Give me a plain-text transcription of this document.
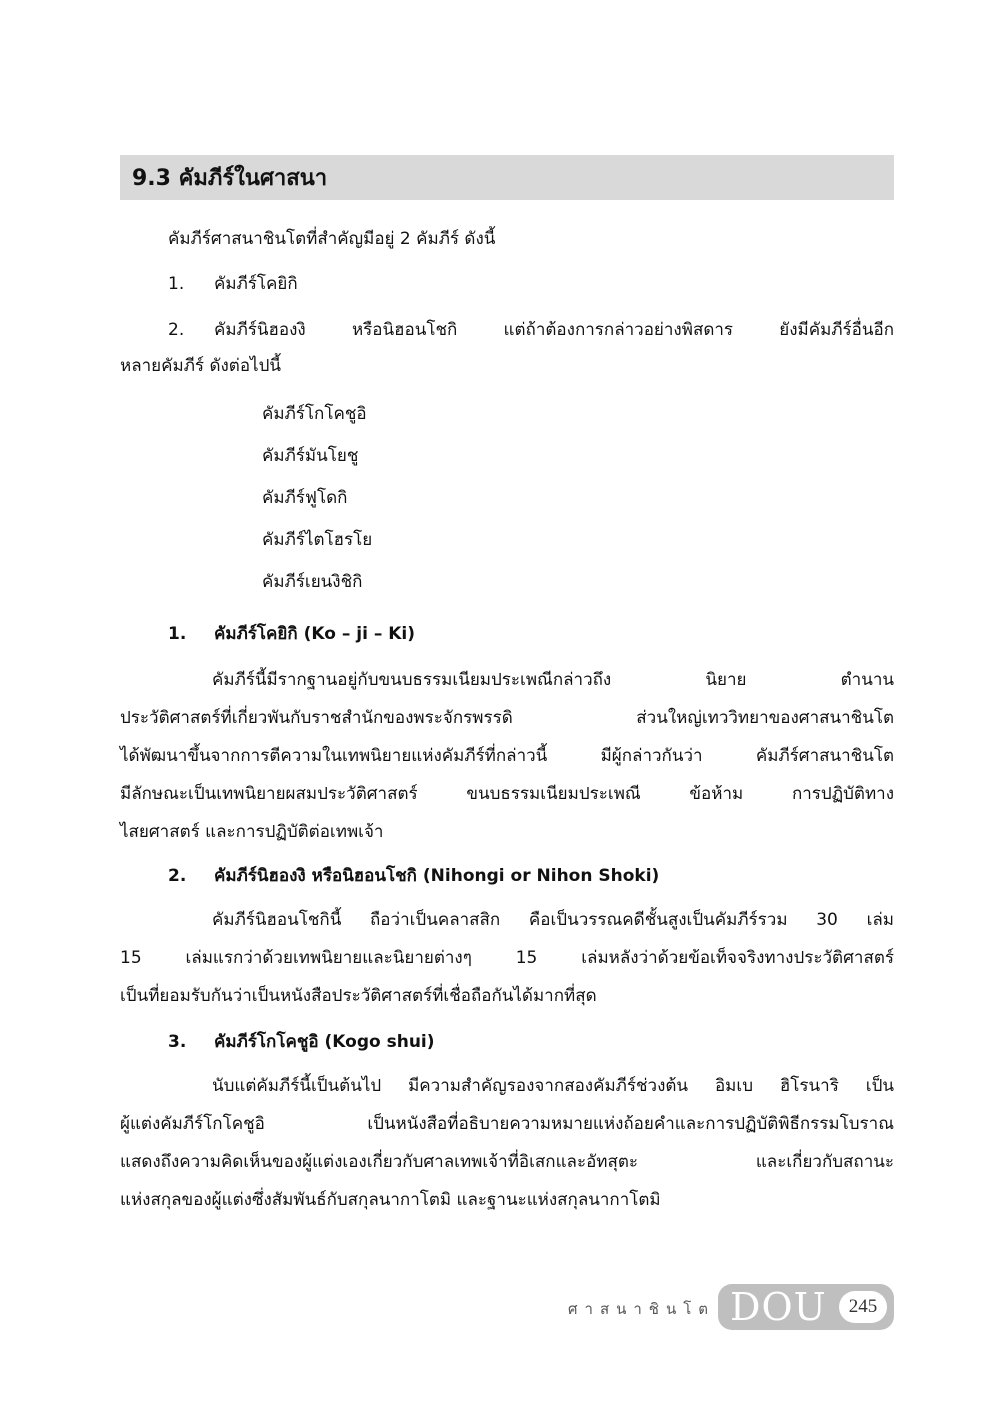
9.3 คัมภีร์ในศาสนา
คัมภีร์ศาสนาชินโตที่สำคัญมีอยู่ 2 คัมภีร์ ดังนี้
1. คัมภีร์โคยิกิ
2. คัมภีร์นิฮองงิ หรือนิฮอนโชกิ แต่ถ้าต้องการกล่าวอย่างพิสดาร ยังมีคัมภีร์อื่นอีก
หลายคัมภีร์ ดังต่อไปนี้
คัมภีร์โกโคชูอิ
คัมภีร์มันโยชู
คัมภีร์ฟูโดกิ
คัมภีร์ไตโฮรโย
คัมภีร์เยนงิชิกิ
1. คัมภีร์โคยิกิ (Ko – ji – Ki)
คัมภีร์นี้มีรากฐานอยู่กับขนบธรรมเนียมประเพณีกล่าวถึง นิยาย ตำนาน
ประวัติศาสตร์ที่เกี่ยวพันกับราชสำนักของพระจักรพรรดิ ส่วนใหญ่เทววิทยาของศาสนาชินโต
ได้พัฒนาขึ้นจากการตีความในเทพนิยายแห่งคัมภีร์ที่กล่าวนี้ มีผู้กล่าวกันว่า คัมภีร์ศาสนาชินโต
มีลักษณะเป็นเทพนิยายผสมประวัติศาสตร์ ขนบธรรมเนียมประเพณี ข้อห้าม การปฏิบัติทาง
ไสยศาสตร์ และการปฏิบัติต่อเทพเจ้า
2. คัมภีร์นิฮองงิ หรือนิฮอนโชกิ (Nihongi or Nihon Shoki)
คัมภีร์นิฮอนโชกินี้ ถือว่าเป็นคลาสสิก คือเป็นวรรณคดีชั้นสูงเป็นคัมภีร์รวม 30 เล่ม
15 เล่มแรกว่าด้วยเทพนิยายและนิยายต่างๆ 15 เล่มหลังว่าด้วยข้อเท็จจริงทางประวัติศาสตร์
เป็นที่ยอมรับกันว่าเป็นหนังสือประวัติศาสตร์ที่เชื่อถือกันได้มากที่สุด
3. คัมภีร์โกโคชูอิ (Kogo shui)
นับแต่คัมภีร์นี้เป็นต้นไป มีความสำคัญรองจากสองคัมภีร์ช่วงต้น อิมเบ ฮิโรนาริ เป็น
ผู้แต่งคัมภีร์โกโคชูอิ เป็นหนังสือที่อธิบายความหมายแห่งถ้อยคำและการปฏิบัติพิธีกรรมโบราณ
แสดงถึงความคิดเห็นของผู้แต่งเองเกี่ยวกับศาลเทพเจ้าที่อิเสกและอัทสุตะ และเกี่ยวกับสถานะ
แห่งสกุลของผู้แต่งซึ่งสัมพันธ์กับสกุลนากาโตมิ และฐานะแห่งสกุลนากาโตมิ
ศาสนาชินโต DOU	245
